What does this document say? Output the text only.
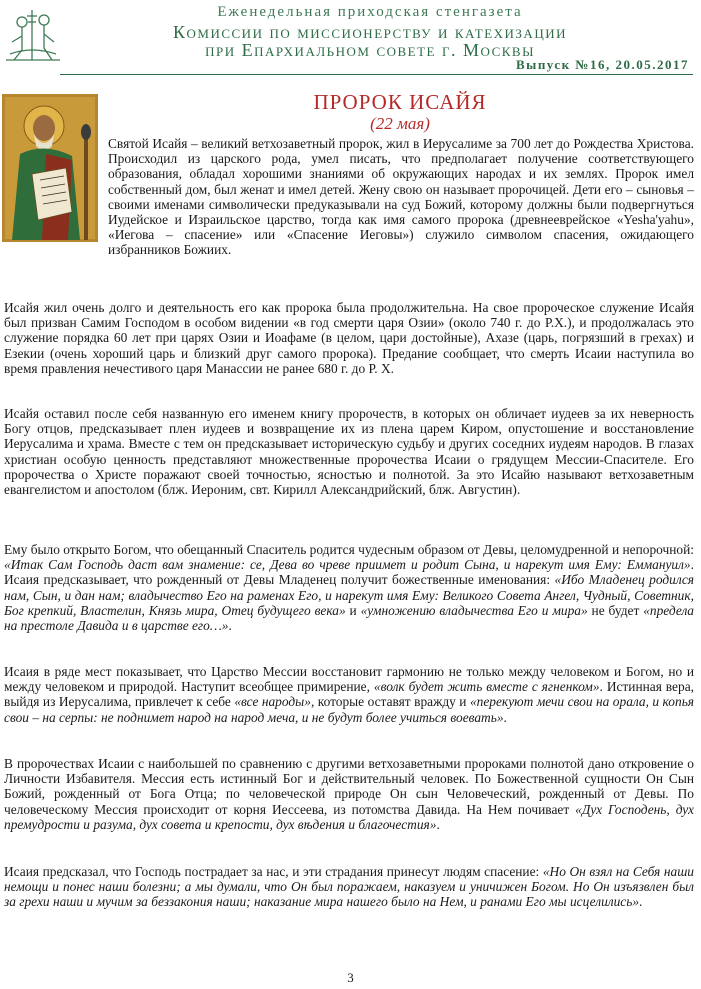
Еженедельная приходская стенгазета
Комиссии по миссионерству и катехизации
при Епархиальном совете г. Москвы
Выпуск №16, 20.05.2017
ПРОРОК ИСАЙЯ
(22 мая)
Святой Исайя – великий ветхозаветный пророк, жил в Иерусалиме за 700 лет до Рождества Христова. Происходил из царского рода, умел писать, что предполагает получение соответствующего образования, обладал хорошими знаниями об окружающих народах и их землях. Пророк имел собственный дом, был женат и имел детей. Жену свою он называет пророчицей. Дети его – сыновья – своими именами символически предуказывали на суд Божий, которому должны были подвергнуться Иудейское и Израильское царство, тогда как имя самого пророка (древнееврейское «Yesha'yahu», «Иегова – спасение» или «Спасение Иеговы») служило символом спасения, ожидающего избранников Божиих.
Исайя жил очень долго и деятельность его как пророка была продолжительна. На свое пророческое служение Исайя был призван Самим Господом в особом видении «в год смерти царя Озии» (около 740 г. до Р.Х.), и продолжалась это служение порядка 60 лет при царях Озии и Иоафаме (в целом, цари достойные), Ахазе (царь, погрязший в грехах) и Езекии (очень хороший царь и близкий друг самого пророка). Предание сообщает, что смерть Исаии наступила во время правления нечестивого царя Манассии не ранее 680 г. до Р. Х.
Исайя оставил после себя названную его именем книгу пророчеств, в которых он обличает иудеев за их неверность Богу отцов, предсказывает плен иудеев и возвращение их из плена царем Киром, опустошение и восстановление Иерусалима и храма. Вместе с тем он предсказывает историческую судьбу и других соседних иудеям народов. В глазах христиан особую ценность представляют множественные пророчества Исаии о грядущем Мессии-Спасителе. Его пророчества о Христе поражают своей точностью, ясностью и полнотой. За это Исайю называют ветхозаветным евангелистом и апостолом (блж. Иероним, свт. Кирилл Александрийский, блж. Августин).
Ему было открыто Богом, что обещанный Спаситель родится чудесным образом от Девы, целомудренной и непорочной: «Итак Сам Господь даст вам знамение: се, Дева во чреве приимет и родит Сына, и нарекут имя Ему: Еммануил». Исаия предсказывает, что рожденный от Девы Младенец получит божественные именования: «Ибо Младенец родился нам, Сын, и дан нам; владычество Его на раменах Его, и нарекут имя Ему: Великого Совета Ангел, Чудный, Советник, Бог крепкий, Властелин, Князь мира, Отец будущего века» и «умножению владычества Его и мира» не будет «пределa на престоле Давида и в царстве его…».
Исаия в ряде мест показывает, что Царство Мессии восстановит гармонию не только между человеком и Богом, но и между человеком и природой. Наступит всеобщее примирение, «волк будет жить вместе с ягненком». Истинная вера, выйдя из Иерусалима, привлечет к себе «все народы», которые оставят вражду и «перекуют мечи свои на орала, и копья свои – на серпы: не поднимет народ на народ меча, и не будут более учиться воевать».
В пророчествах Исаии с наибольшей по сравнению с другими ветхозаветными пророками полнотой дано откровение о Личности Избавителя. Мессия есть истинный Бог и действительный человек. По Божественной сущности Он Сын Божий, рожденный от Бога Отца; по человеческой природе Он сын Человеческий, рожденный от Девы. По человеческому Мессия происходит от корня Иессеева, из потомства Давида. На Нем почивает «Дух Господень, дух премудрости и разума, дух совета и крепости, дух вѣдения и благочестия».
Исаия предсказал, что Господь пострадает за нас, и эти страдания принесут людям спасение: «Но Он взял на Себя наши немощи и понес наши болезни; а мы думали, что Он был поражаем, наказуем и уничижен Богом. Но Он изъязвлен был за грехи наши и мучим за беззакония наши; наказание мира нашего было на Нем, и ранами Его мы исцелились».
3
